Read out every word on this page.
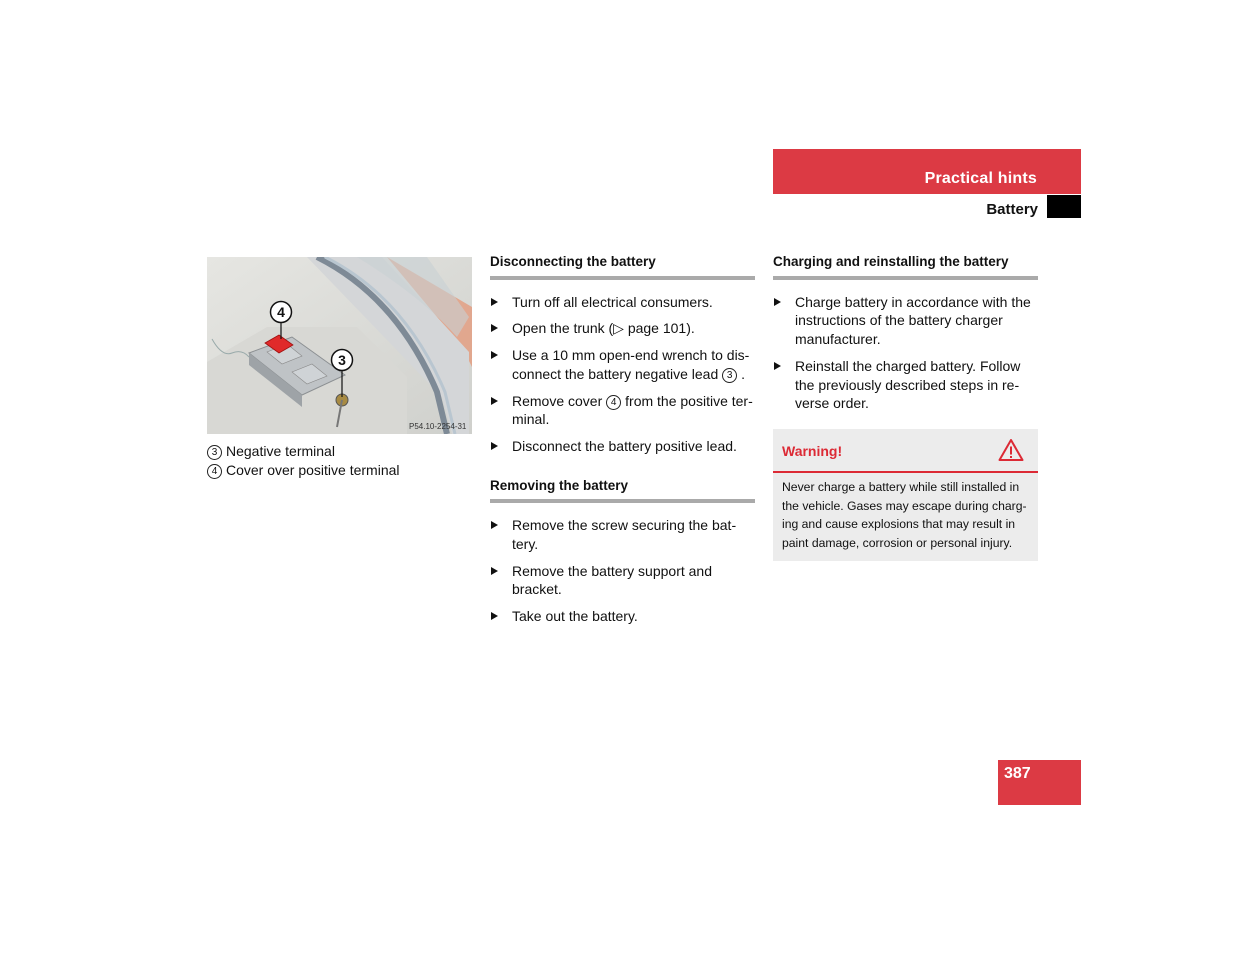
Practical hints
Battery
4
3
P54.10-2254-31
3 Negative terminal
4 Cover over positive terminal
Disconnecting the battery
Turn off all electrical consumers.
Open the trunk (▷ page 101).
Use a 10 mm open-end wrench to dis-
connect the battery negative lead 3 .
Remove cover 4 from the positive ter-
minal.
Disconnect the battery positive lead.
Removing the battery
Remove the screw securing the bat-tery.
Remove the battery support and bracket.
Take out the battery.
Charging and reinstalling the battery
Charge battery in accordance with the instructions of the battery charger manufacturer.
Reinstall the charged battery. Follow the previously described steps in re-verse order.
Warning!
Never charge a battery while still installed in the vehicle. Gases may escape during charg-ing and cause explosions that may result in paint damage, corrosion or personal injury.
387
